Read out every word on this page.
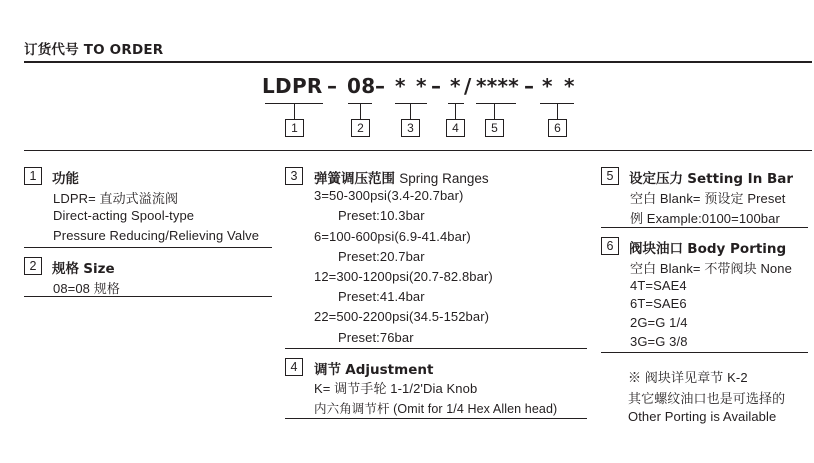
订货代号 TO ORDER
LDPR – 08 – * * – * / **** – * *
1	2	3	4	5	6
1	功能
LDPR= 直动式溢流阀
Direct-acting Spool-type
Pressure Reducing/Relieving Valve
2	规格 Size
08=08 规格
3	弹簧调压范围 Spring Ranges
3=50-300psi(3.4-20.7bar)
Preset:10.3bar
6=100-600psi(6.9-41.4bar)
Preset:20.7bar
12=300-1200psi(20.7-82.8bar)
Preset:41.4bar
22=500-2200psi(34.5-152bar)
Preset:76bar
4	调节 Adjustment
K= 调节手轮 1-1/2'Dia Knob
内六角调节杆 (Omit for 1/4 Hex Allen head)
5	设定压力 Setting In Bar
空白 Blank= 预设定 Preset
例 Example:0100=100bar
6	阀块油口 Body Porting
空白 Blank= 不带阀块 None
4T=SAE4
6T=SAE6
2G=G 1/4
3G=G 3/8
※ 阀块详见章节 K-2
其它螺纹油口也是可选择的
Other Porting is Available
